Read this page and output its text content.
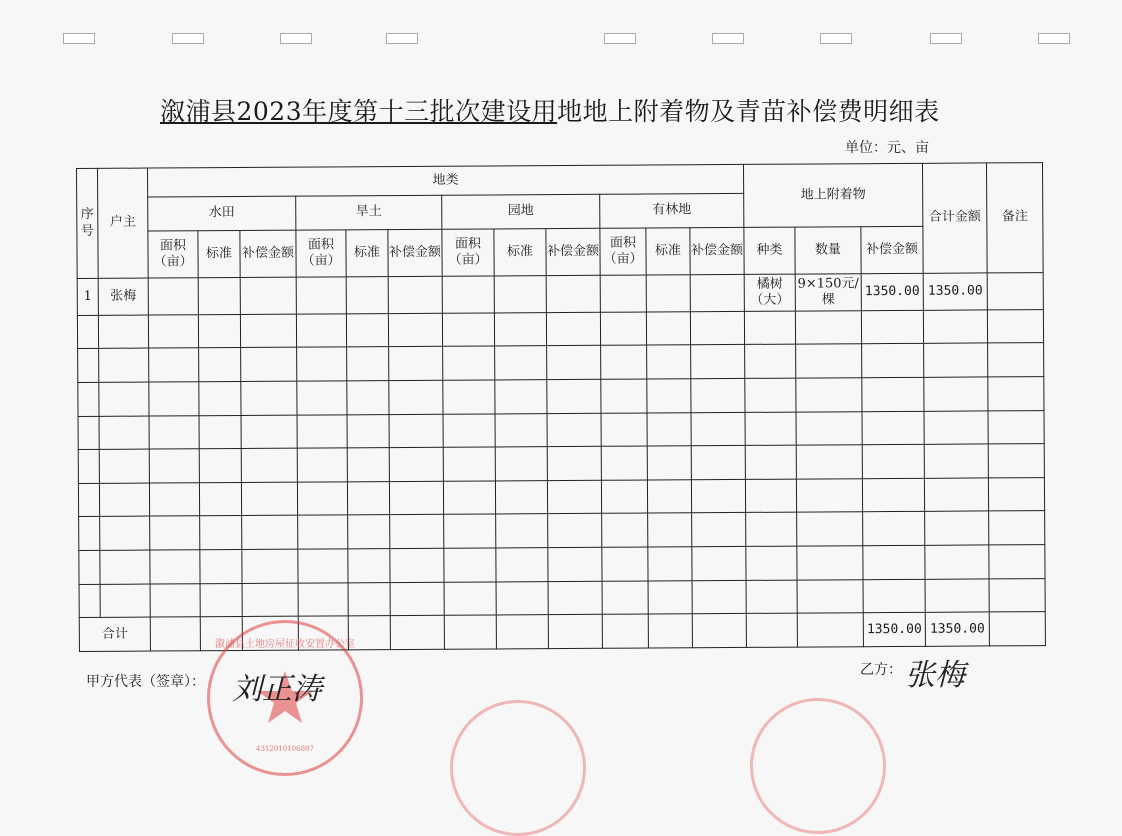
溆浦县2023年度第十三批次建设用地地上附着物及青苗补偿费明细表
单位：元、亩
序号	户主	地类												地上附着物			合计金额	备注
		水田			旱土			园地			有林地							
		面积（亩）	标准	补偿金额	面积（亩）	标准	补偿金额	面积（亩）	标准	补偿金额	面积（亩）	标准	补偿金额	种类	数量	补偿金额		
1	张梅													橘树（大）	9×150元/棵	1350.00	1350.00	

合计																1350.00	1350.00	
甲方代表（签章）：
乙方：
4312010106807
溆浦县土地房屋征收安置办公室
刘正涛	张梅
